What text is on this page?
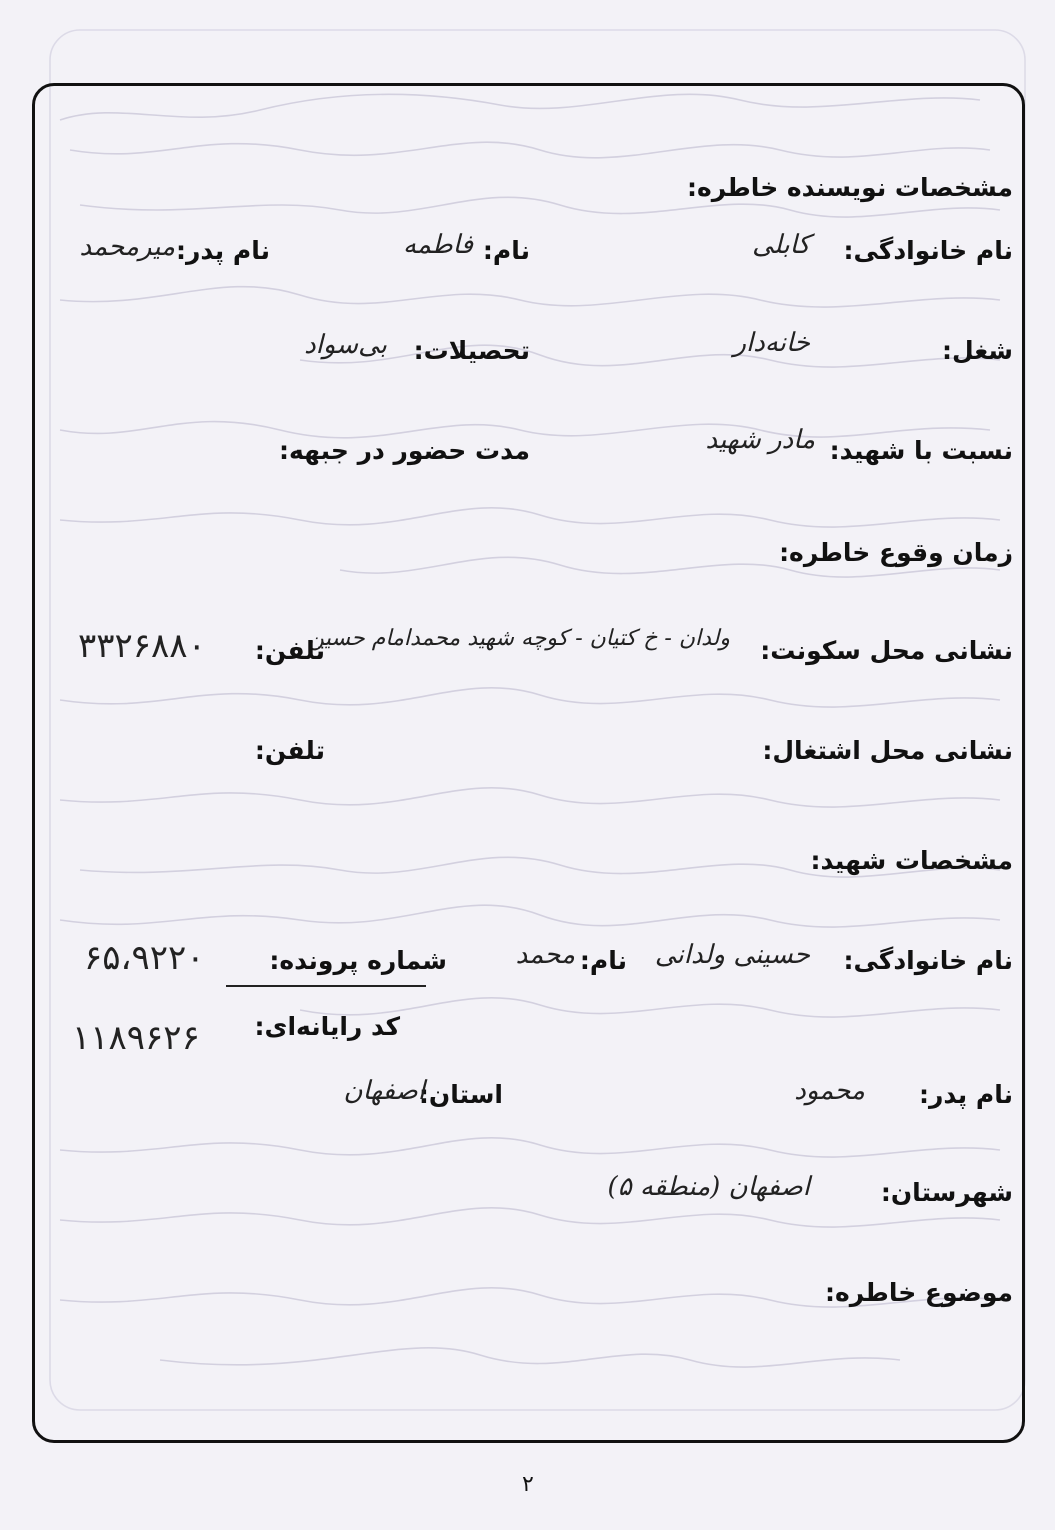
مشخصات نویسنده خاطره:
نام خانوادگی:
کابلی
نام:
فاطمه
نام پدر:
میرمحمد
شغل:
خانه‌دار
تحصیلات:
بی‌سواد
نسبت با شهید:
مادر شهید
مدت حضور در جبهه:
زمان وقوع خاطره:
نشانی محل سکونت:
ولدان - خ کتیان - کوچه شهید محمدامام حسین
تلفن:
۳۳۲۶۸۸۰
نشانی محل اشتغال:
تلفن:
مشخصات شهید:
نام خانوادگی:
حسینی ولدانی
نام:
محمد
شماره پرونده:
۶۵،۹۲۲۰
کد رایانه‌ای:
۱۱۸۹۶۲۶
نام پدر:
محمود
استان:
اصفهان
شهرستان:
اصفهان (منطقه ۵)
موضوع خاطره:
۲
